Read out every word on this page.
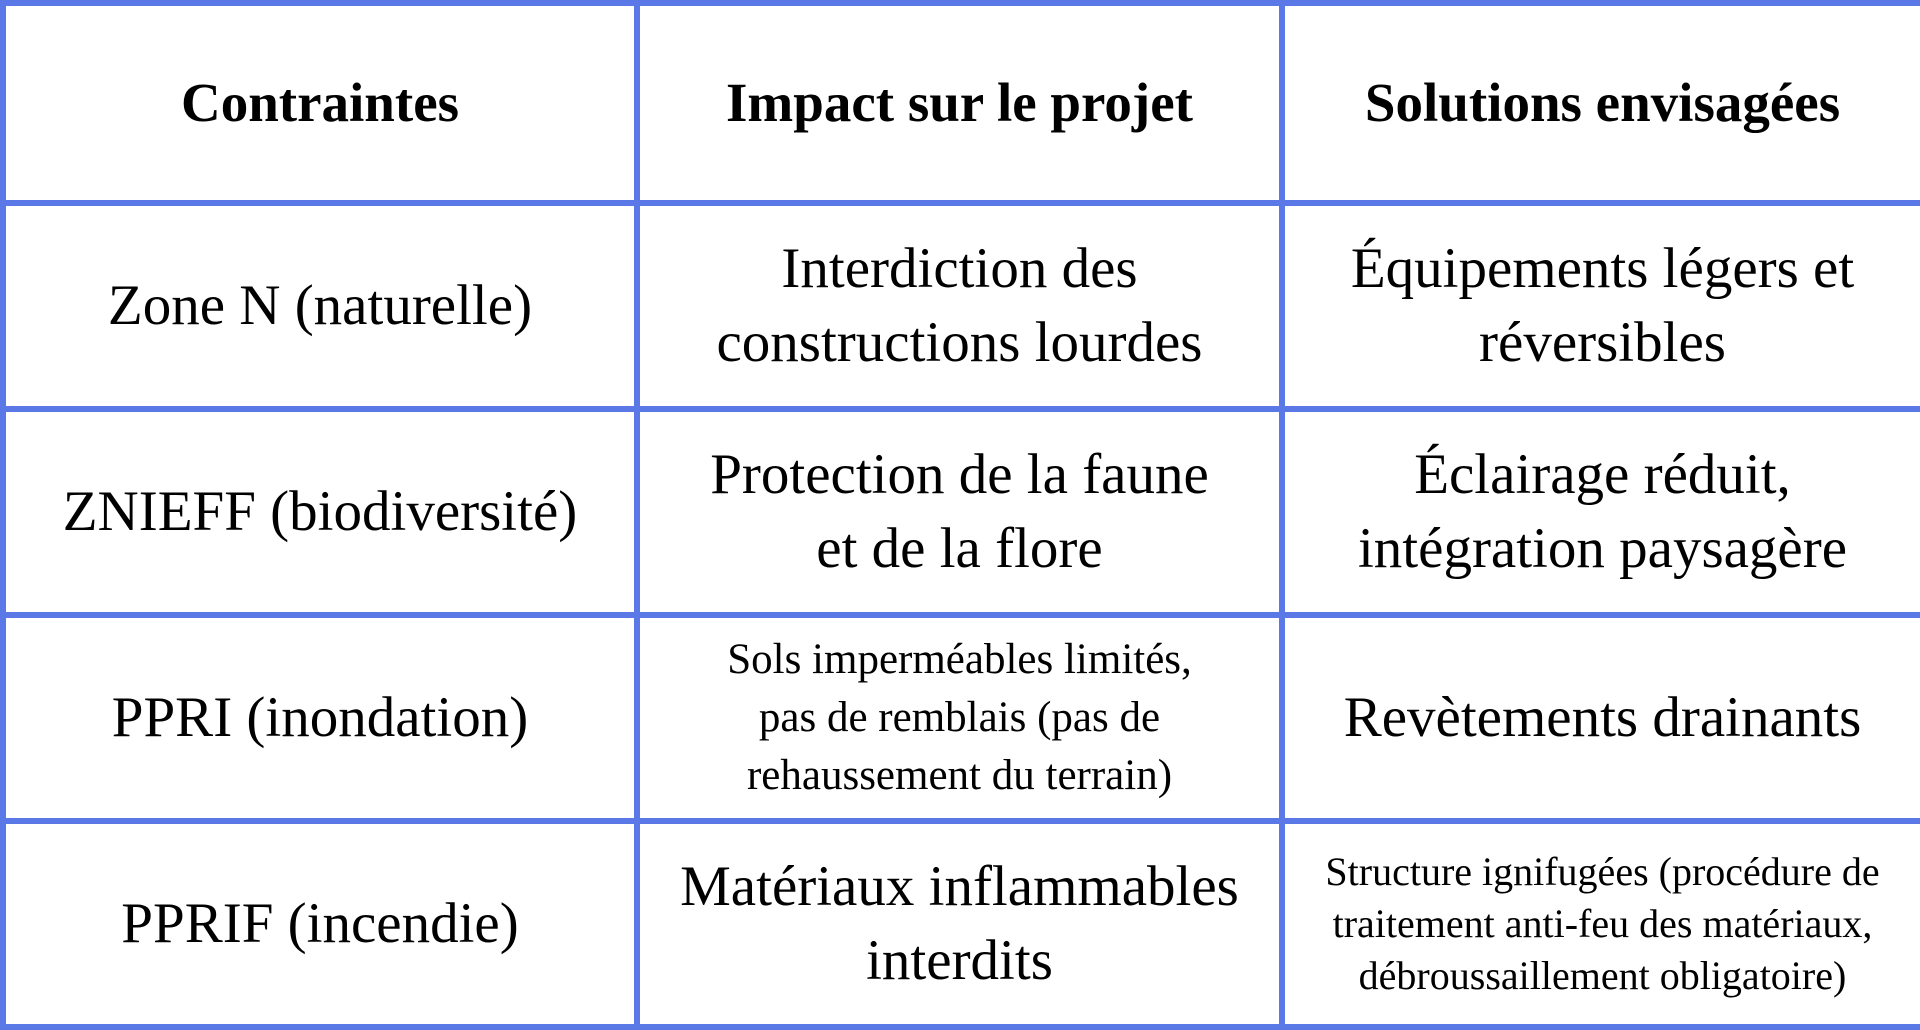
Contraintes	Impact sur le projet	Solutions envisagées
Zone N (naturelle)	Interdiction des constructions lourdes	Équipements légers et réversibles
ZNIEFF (biodiversité)	Protection de la faune et de la flore	Éclairage réduit, intégration paysagère
PPRI (inondation)	Sols imperméables limités, pas de remblais (pas de rehaussement du terrain)	Revètements drainants
PPRIF (incendie)	Matériaux inflammables interdits	Structure ignifugées (procédure de traitement anti-feu des matériaux, débroussaillement obligatoire)
